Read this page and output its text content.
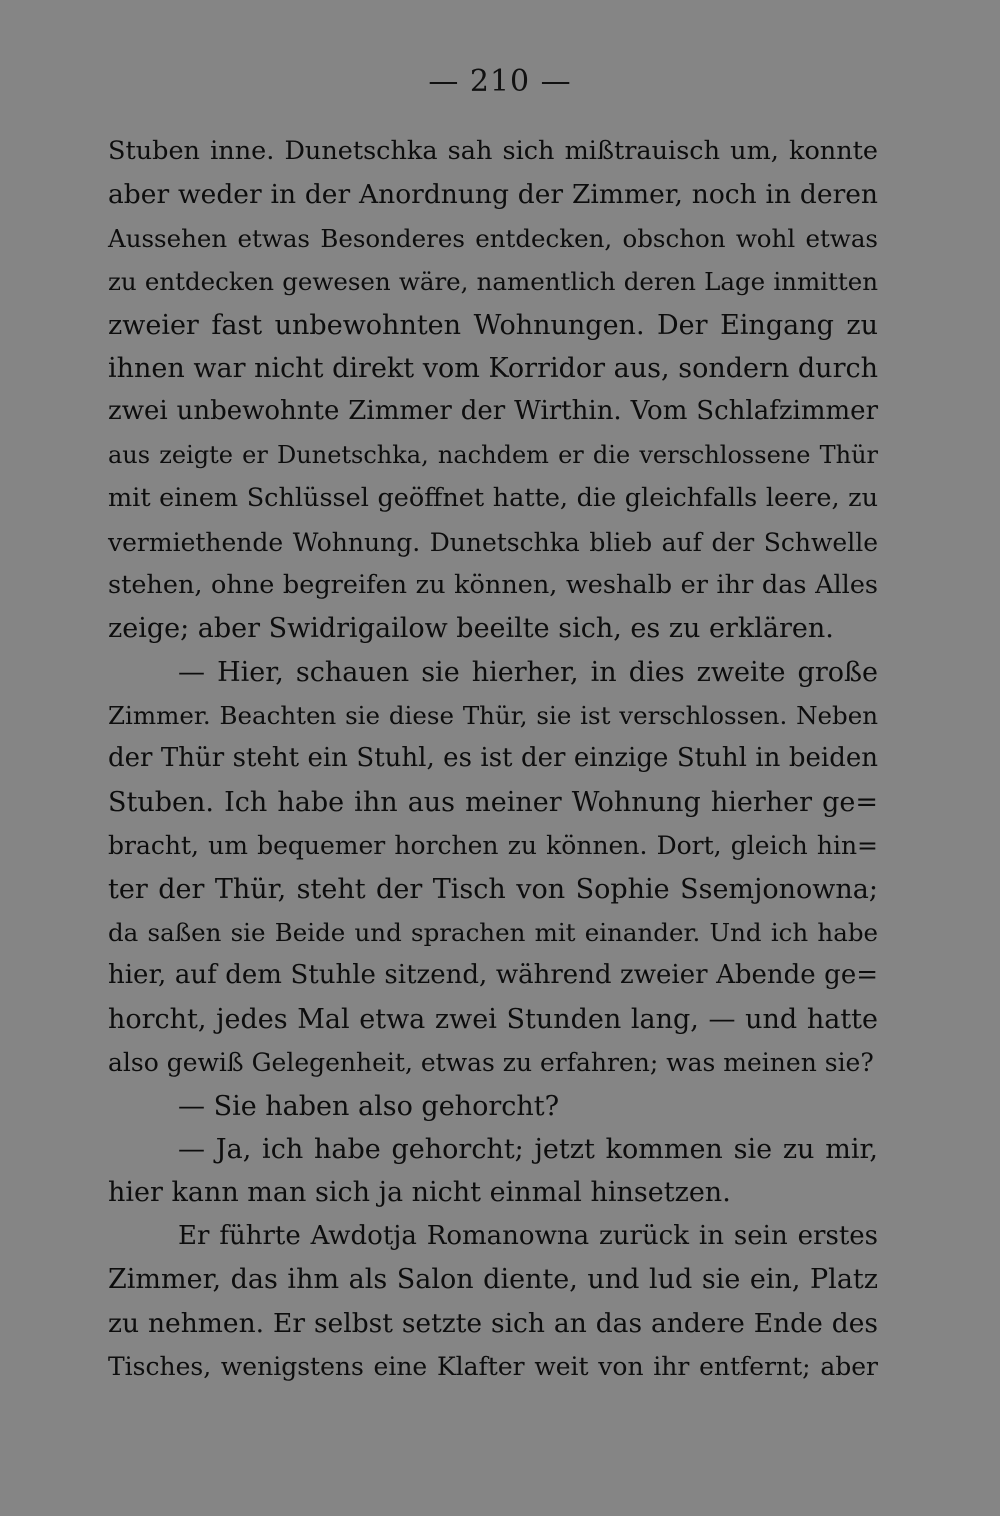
— 210 —
Stuben inne. Dunetschka sah sich mißtrauisch um, konnte
aber weder in der Anordnung der Zimmer, noch in deren
Aussehen etwas Besonderes entdecken, obschon wohl etwas
zu entdecken gewesen wäre, namentlich deren Lage inmitten
zweier fast unbewohnten Wohnungen. Der Eingang zu
ihnen war nicht direkt vom Korridor aus, sondern durch
zwei unbewohnte Zimmer der Wirthin. Vom Schlafzimmer
aus zeigte er Dunetschka, nachdem er die verschlossene Thür
mit einem Schlüssel geöffnet hatte, die gleichfalls leere, zu
vermiethende Wohnung. Dunetschka blieb auf der Schwelle
stehen, ohne begreifen zu können, weshalb er ihr das Alles
zeige; aber Swidrigailow beeilte sich, es zu erklären.
— Hier, schauen sie hierher, in dies zweite große
Zimmer. Beachten sie diese Thür, sie ist verschlossen. Neben
der Thür steht ein Stuhl, es ist der einzige Stuhl in beiden
Stuben. Ich habe ihn aus meiner Wohnung hierher ge=
bracht, um bequemer horchen zu können. Dort, gleich hin=
ter der Thür, steht der Tisch von Sophie Ssemjonowna;
da saßen sie Beide und sprachen mit einander. Und ich habe
hier, auf dem Stuhle sitzend, während zweier Abende ge=
horcht, jedes Mal etwa zwei Stunden lang, — und hatte
also gewiß Gelegenheit, etwas zu erfahren; was meinen sie?
— Sie haben also gehorcht?
— Ja, ich habe gehorcht; jetzt kommen sie zu mir,
hier kann man sich ja nicht einmal hinsetzen.
Er führte Awdotja Romanowna zurück in sein erstes
Zimmer, das ihm als Salon diente, und lud sie ein, Platz
zu nehmen. Er selbst setzte sich an das andere Ende des
Tisches, wenigstens eine Klafter weit von ihr entfernt; aber
